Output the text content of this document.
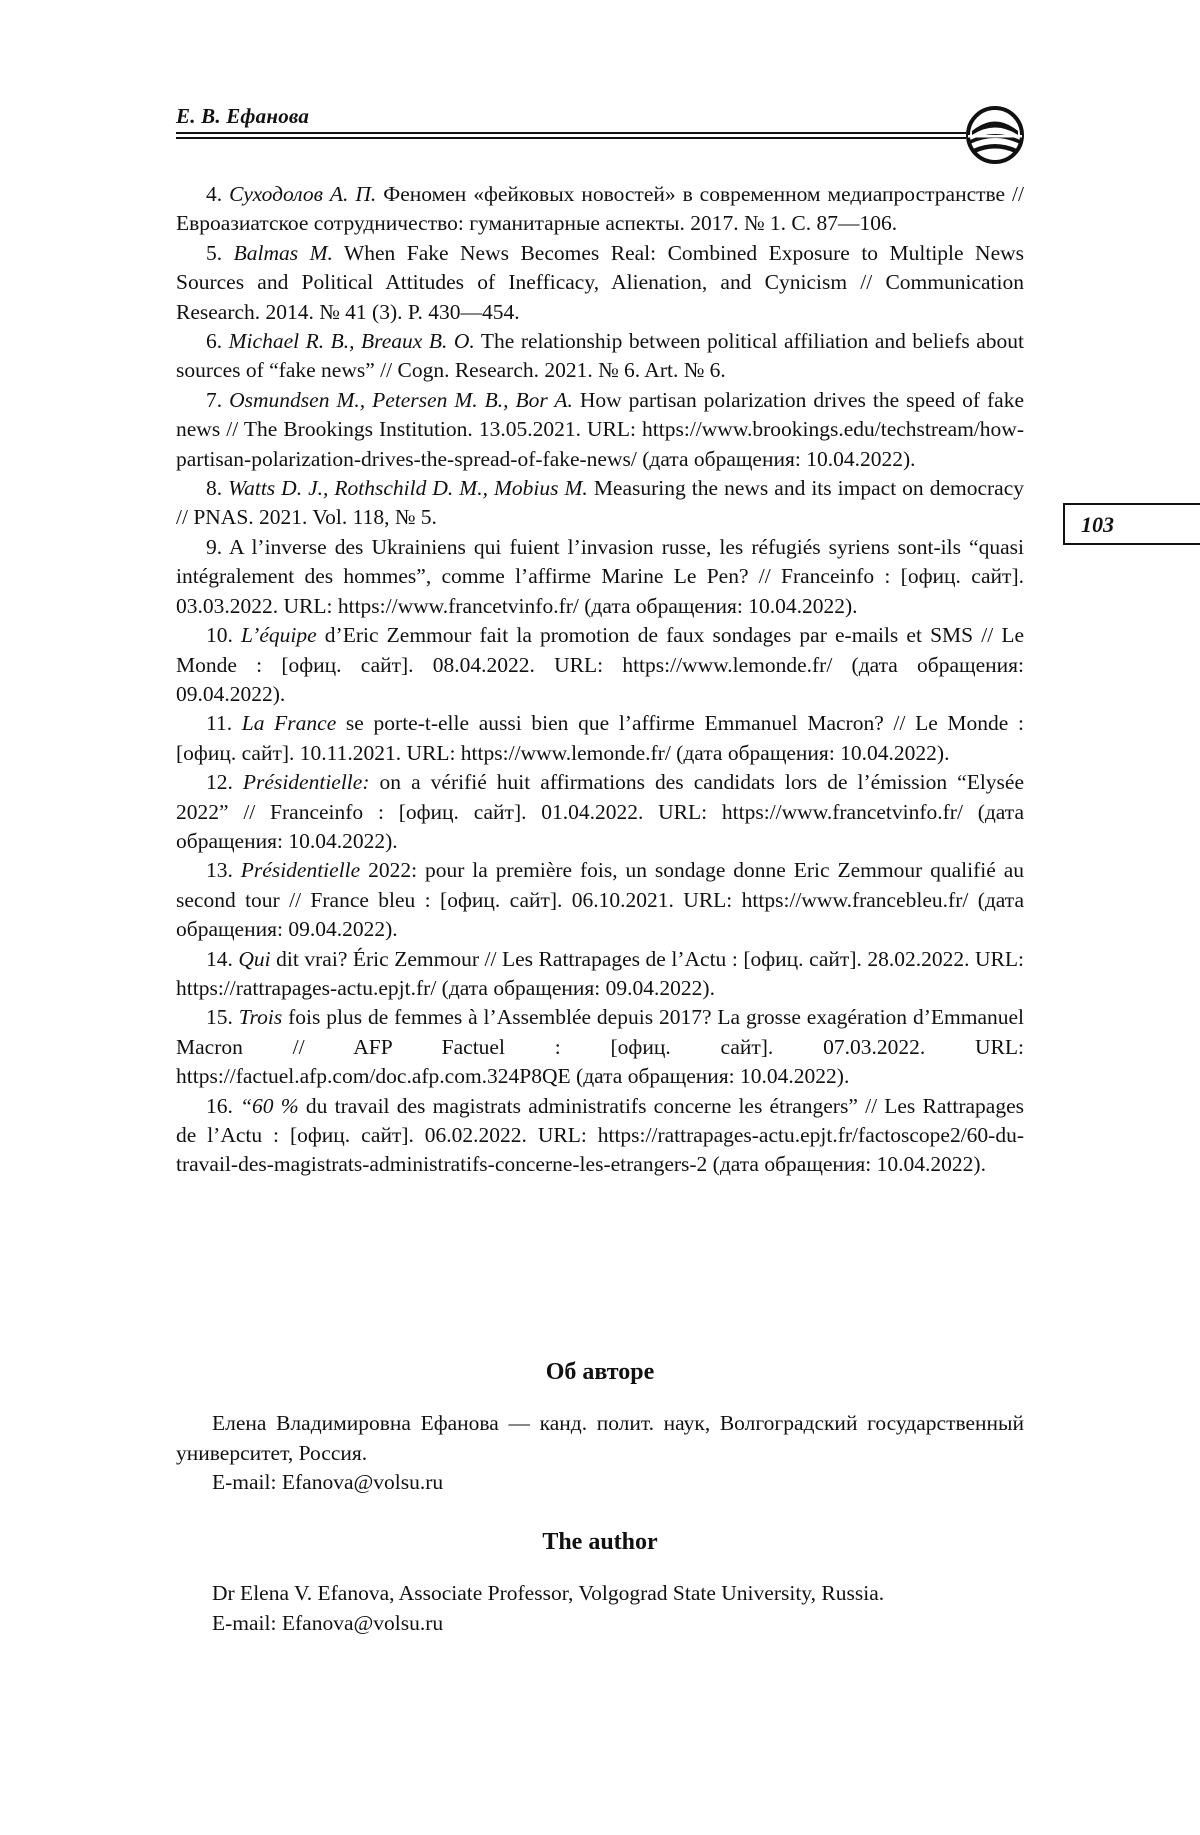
Е. В. Ефанова
103

4. Суходолов А. П. Феномен «фейковых новостей» в современном медиапространстве // Евроазиатское сотрудничество: гуманитарные аспекты. 2017. № 1. С. 87—106.

5. Balmas M. When Fake News Becomes Real: Combined Exposure to Multiple News Sources and Political Attitudes of Inefficacy, Alienation, and Cynicism // Communication Research. 2014. № 41 (3). P. 430—454.

6. Michael R. B., Breaux B. O. The relationship between political affiliation and beliefs about sources of “fake news” // Cogn. Research. 2021. № 6. Art. № 6.

7. Osmundsen M., Petersen M. B., Bor A. How partisan polarization drives the speed of fake news // The Brookings Institution. 13.05.2021. URL: https://www.brookings.edu/techstream/how-partisan-polarization-drives-the-spread-of-fake-news/ (дата обращения: 10.04.2022).

8. Watts D. J., Rothschild D. M., Mobius M. Measuring the news and its impact on democracy // PNAS. 2021. Vol. 118, № 5.

9. A l’inverse des Ukrainiens qui fuient l’invasion russe, les réfugiés syriens sont-ils “quasi intégralement des hommes”, comme l’affirme Marine Le Pen? // Franceinfo : [офиц. сайт]. 03.03.2022. URL: https://www.francetvinfo.fr/ (дата обращения: 10.04.2022).

10. L’équipe d’Eric Zemmour fait la promotion de faux sondages par e-mails et SMS // Le Monde : [офиц. сайт]. 08.04.2022. URL: https://www.lemonde.fr/ (дата обращения: 09.04.2022).

11. La France se porte-t-elle aussi bien que l’affirme Emmanuel Macron? // Le Monde : [офиц. сайт]. 10.11.2021. URL: https://www.lemonde.fr/ (дата обращения: 10.04.2022).

12. Présidentielle: on a vérifié huit affirmations des candidats lors de l’émission “Elysée 2022” // Franceinfo : [офиц. сайт]. 01.04.2022. URL: https://www.francetvinfo.fr/ (дата обращения: 10.04.2022).

13. Présidentielle 2022: pour la première fois, un sondage donne Eric Zemmour qualifié au second tour // France bleu : [офиц. сайт]. 06.10.2021. URL: https://www.francebleu.fr/ (дата обращения: 09.04.2022).

14. Qui dit vrai? Éric Zemmour // Les Rattrapages de l’Actu : [офиц. сайт]. 28.02.2022. URL: https://rattrapages-actu.epjt.fr/ (дата обращения: 09.04.2022).

15. Trois fois plus de femmes à l’Assemblée depuis 2017? La grosse exagération d’Emmanuel Macron // AFP Factuel : [офиц. сайт]. 07.03.2022. URL: https://factuel.afp.com/doc.afp.com.324P8QE (дата обращения: 10.04.2022).

16. “60 % du travail des magistrats administratifs concerne les étrangers” // Les Rattrapages de l’Actu : [офиц. сайт]. 06.02.2022. URL: https://rattrapages-actu.epjt.fr/factoscope2/60-du-travail-des-magistrats-administratifs-concerne-les-etrangers-2 (дата обращения: 10.04.2022).

Об авторе

Елена Владимировна Ефанова — канд. полит. наук, Волгоградский государственный университет, Россия.

E-mail: Efanova@volsu.ru

The author

Dr Elena V. Efanova, Associate Professor, Volgograd State University, Russia.

E-mail: Efanova@volsu.ru
